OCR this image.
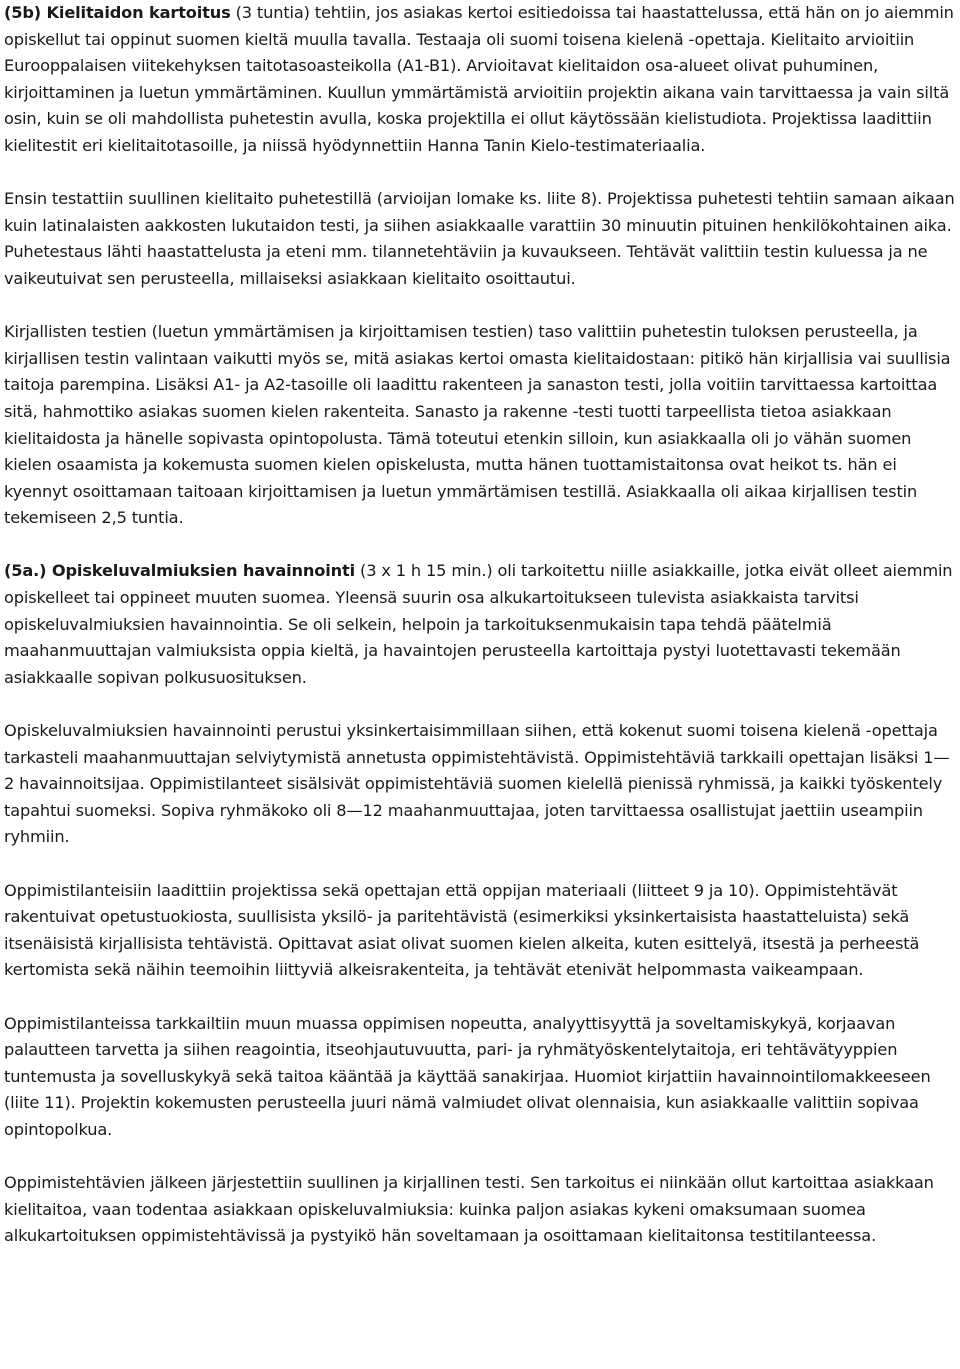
(5b) Kielitaidon kartoitus (3 tuntia) tehtiin, jos asiakas kertoi esitiedoissa tai haastattelussa, että hän on jo aiemmin opiskellut tai oppinut suomen kieltä muulla tavalla. Testaaja oli suomi toisena kielenä -opettaja. Kielitaito arvioitiin Eurooppalaisen viitekehyksen taitotasoasteikolla (A1-B1). Arvioitavat kielitaidon osa-alueet olivat puhuminen, kirjoittaminen ja luetun ymmärtäminen. Kuullun ymmärtämistä arvioitiin projektin aikana vain tarvittaessa ja vain siltä osin, kuin se oli mahdollista puhetestin avulla, koska projektilla ei ollut käytössään kielistudiota. Projektissa laadittiin kielitestit eri kielitaitotasoille, ja niissä hyödynnettiin Hanna Tanin Kielo-testimateriaalia.

Ensin testattiin suullinen kielitaito puhetestillä (arvioijan lomake ks. liite 8). Projektissa puhetesti tehtiin samaan aikaan kuin latinalaisten aakkosten lukutaidon testi, ja siihen asiakkaalle varattiin 30 minuutin pituinen henkilökohtainen aika. Puhetestaus lähti haastattelusta ja eteni mm. tilannetehtäviin ja kuvaukseen. Tehtävät valittiin testin kuluessa ja ne vaikeutuivat sen perusteella, millaiseksi asiakkaan kielitaito osoittautui.

Kirjallisten testien (luetun ymmärtämisen ja kirjoittamisen testien) taso valittiin puhetestin tuloksen perusteella, ja kirjallisen testin valintaan vaikutti myös se, mitä asiakas kertoi omasta kielitaidostaan: pitikö hän kirjallisia vai suullisia taitoja parempina. Lisäksi A1- ja A2-tasoille oli laadittu rakenteen ja sanaston testi, jolla voitiin tarvittaessa kartoittaa sitä, hahmottiko asiakas suomen kielen rakenteita. Sanasto ja rakenne -testi tuotti tarpeellista tietoa asiakkaan kielitaidosta ja hänelle sopivasta opintopolusta. Tämä toteutui etenkin silloin, kun asiakkaalla oli jo vähän suomen kielen osaamista ja kokemusta suomen kielen opiskelusta, mutta hänen tuottamistaitonsa ovat heikot ts. hän ei kyennyt osoittamaan taitoaan kirjoittamisen ja luetun ymmärtämisen testillä. Asiakkaalla oli aikaa kirjallisen testin tekemiseen 2,5 tuntia.

(5a.) Opiskeluvalmiuksien havainnointi (3 x 1 h 15 min.) oli tarkoitettu niille asiakkaille, jotka eivät olleet aiemmin opiskelleet tai oppineet muuten suomea. Yleensä suurin osa alkukartoitukseen tulevista asiakkaista tarvitsi opiskeluvalmiuksien havainnointia. Se oli selkein, helpoin ja tarkoituksenmukaisin tapa tehdä päätelmiä maahanmuuttajan valmiuksista oppia kieltä, ja havaintojen perusteella kartoittaja pystyi luotettavasti tekemään asiakkaalle sopivan polkusuosituksen.

Opiskeluvalmiuksien havainnointi perustui yksinkertaisimmillaan siihen, että kokenut suomi toisena kielenä -opettaja tarkasteli maahanmuuttajan selviytymistä annetusta oppimistehtävistä. Oppimistehtäviä tarkkaili opettajan lisäksi 1—2 havainnoitsijaa. Oppimistilanteet sisälsivät oppimistehtäviä suomen kielellä pienissä ryhmissä, ja kaikki työskentely tapahtui suomeksi. Sopiva ryhmäkoko oli 8—12 maahanmuuttajaa, joten tarvittaessa osallistujat jaettiin useampiin ryhmiin.

Oppimistilanteisiin laadittiin projektissa sekä opettajan että oppijan materiaali (liitteet 9 ja 10). Oppimistehtävät rakentuivat opetustuokiosta, suullisista yksilö- ja paritehtävistä (esimerkiksi yksinkertaisista haastatteluista) sekä itsenäisistä kirjallisista tehtävistä. Opittavat asiat olivat suomen kielen alkeita, kuten esittelyä, itsestä ja perheestä kertomista sekä näihin teemoihin liittyviä alkeisrakenteita, ja tehtävät etenivät helpommasta vaikeampaan.

Oppimistilanteissa tarkkailtiin muun muassa oppimisen nopeutta, analyyttisyyttä ja soveltamiskykyä, korjaavan palautteen tarvetta ja siihen reagointia, itseohjautuvuutta, pari- ja ryhmätyöskentelytaitoja, eri tehtävätyyppien tuntemusta ja sovelluskykyä sekä taitoa kääntää ja käyttää sanakirjaa. Huomiot kirjattiin havainnointilomakkeeseen (liite 11). Projektin kokemusten perusteella juuri nämä valmiudet olivat olennaisia, kun asiakkaalle valittiin sopivaa opintopolkua.

Oppimistehtävien jälkeen järjestettiin suullinen ja kirjallinen testi. Sen tarkoitus ei niinkään ollut kartoittaa asiakkaan kielitaitoa, vaan todentaa asiakkaan opiskeluvalmiuksia: kuinka paljon asiakas kykeni omaksumaan suomea alkukartoituksen oppimistehtävissä ja pystyikö hän soveltamaan ja osoittamaan kielitaitonsa testitilanteessa.
